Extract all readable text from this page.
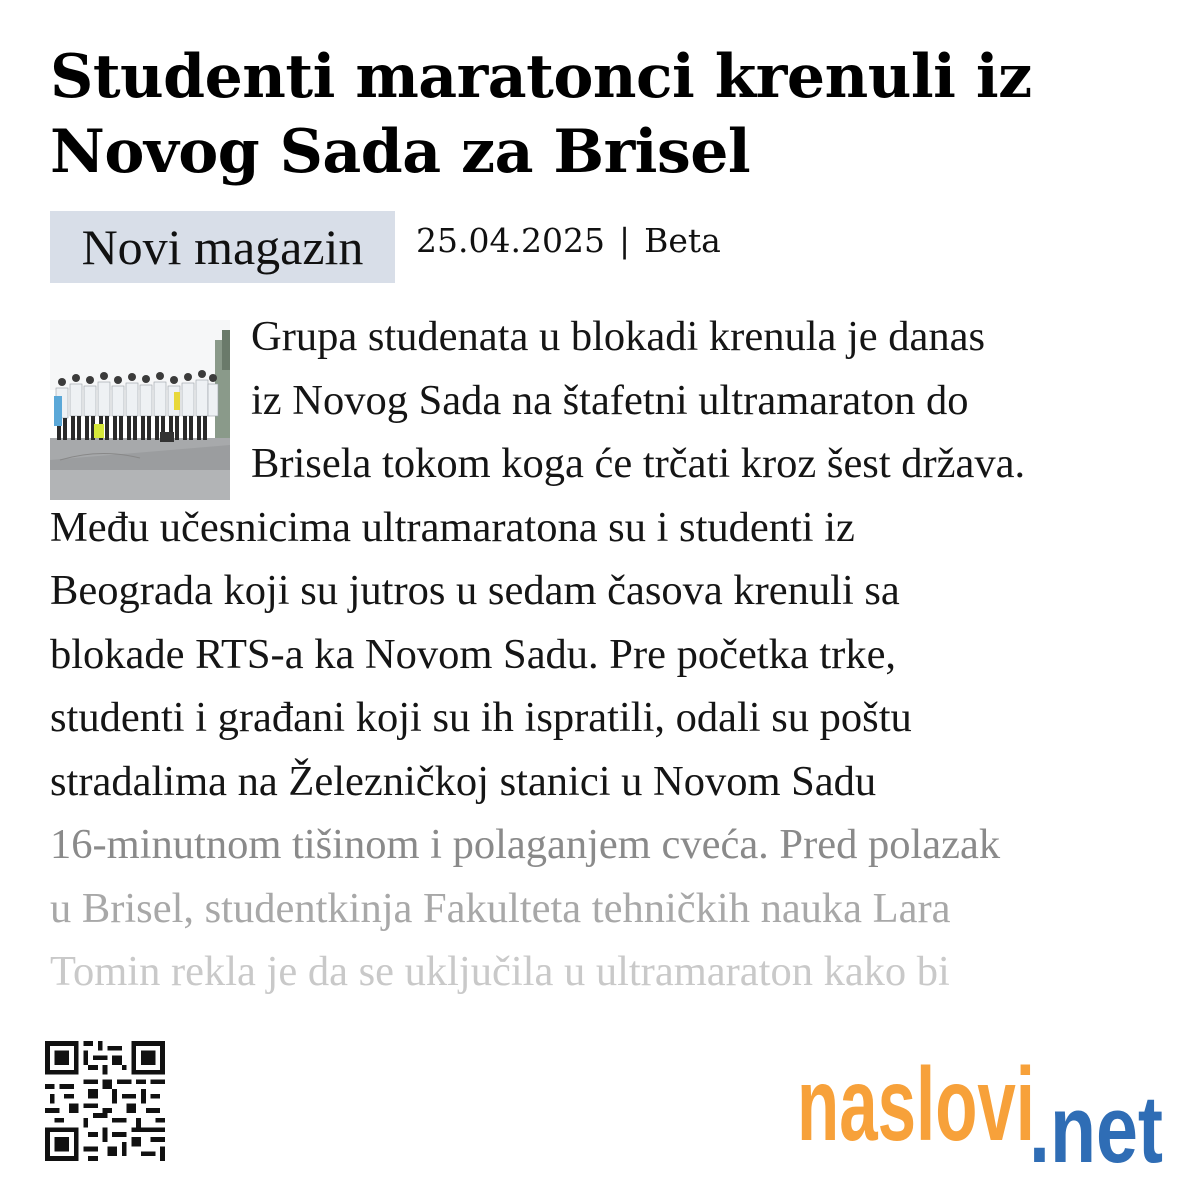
Studenti maratonci krenuli iz Novog Sada za Brisel
Novi magazin	25.04.2025 | Beta
Grupa studenata u blokadi krenula je danas
iz Novog Sada na štafetni ultramaraton do
Brisela tokom koga će trčati kroz šest država.
Među učesnicima ultramaratona su i studenti iz
Beograda koji su jutros u sedam časova krenuli sa
blokade RTS-a ka Novom Sadu. Pre početka trke,
studenti i građani koji su ih ispratili, odali su poštu
stradalima na Železničkoj stanici u Novom Sadu
16-minutnom tišinom i polaganjem cveća. Pred polazak
u Brisel, studentkinja Fakulteta tehničkih nauka Lara
Tomin rekla je da se uključila u ultramaraton kako bi
naslovi
.net
